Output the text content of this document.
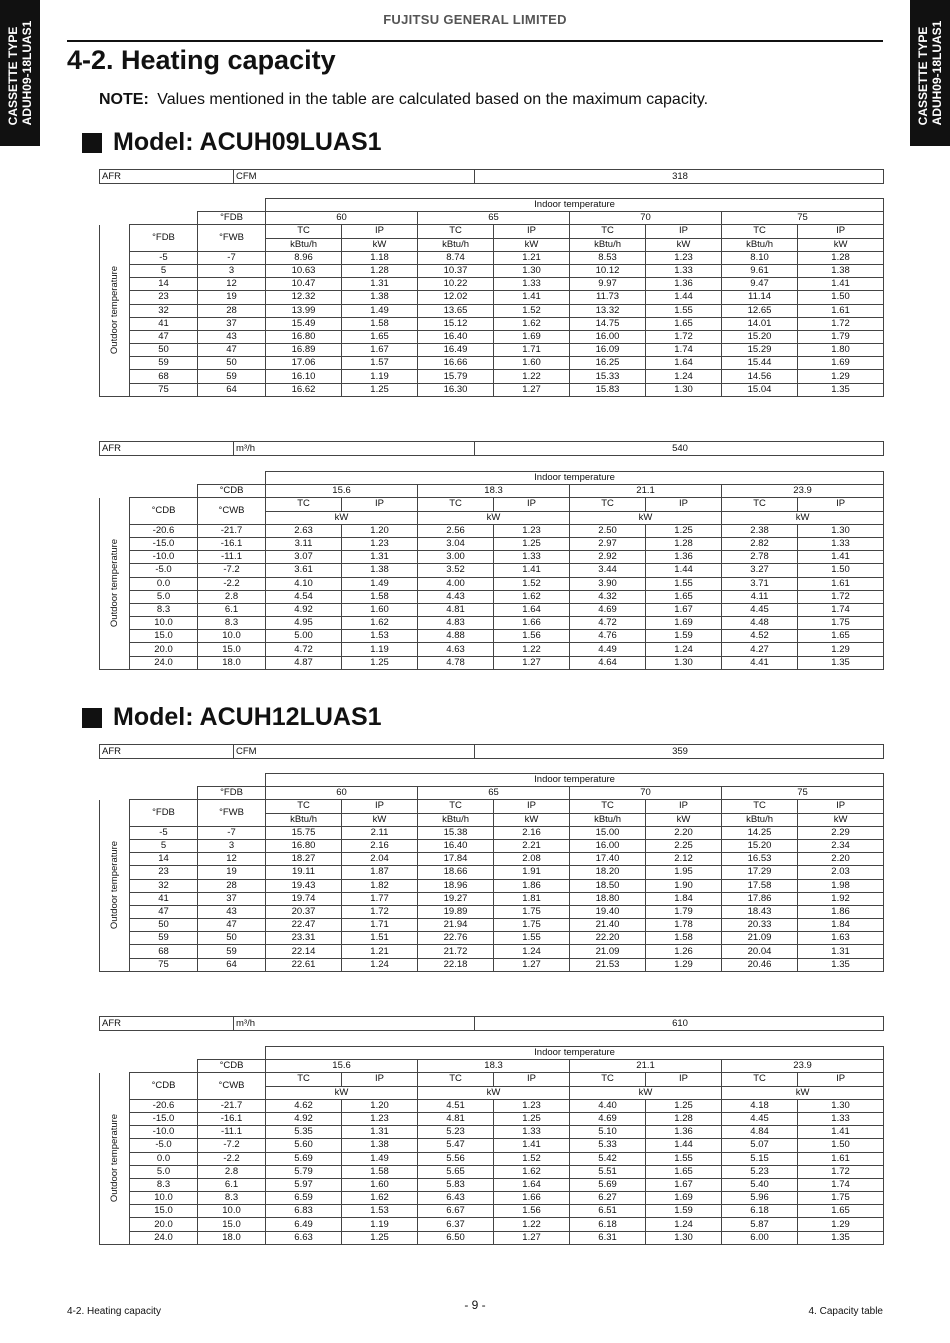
CASSETTE TYPE ADUH09-18LUAS1	CASSETTE TYPE ADUH09-18LUAS1
FUJITSU GENERAL LIMITED
4-2. Heating capacity
NOTE: Values mentioned in the table are calculated based on the maximum capacity.
Model: ACUH09LUAS1
AFR	CFM	318
			Indoor temperature							
		°FDB	60		65		70		75	

Outdoor temperature	°FDB	°FWB	TC	IP	TC	IP	TC	IP	TC	IP
			kBtu/h	kW	kBtu/h	kW	kBtu/h	kW	kBtu/h	kW
	-5	-7	8.96	1.18	8.74	1.21	8.53	1.23	8.10	1.28
	5	3	10.63	1.28	10.37	1.30	10.12	1.33	9.61	1.38
	14	12	10.47	1.31	10.22	1.33	9.97	1.36	9.47	1.41
	23	19	12.32	1.38	12.02	1.41	11.73	1.44	11.14	1.50
	32	28	13.99	1.49	13.65	1.52	13.32	1.55	12.65	1.61
	41	37	15.49	1.58	15.12	1.62	14.75	1.65	14.01	1.72
	47	43	16.80	1.65	16.40	1.69	16.00	1.72	15.20	1.79
	50	47	16.89	1.67	16.49	1.71	16.09	1.74	15.29	1.80
	59	50	17.06	1.57	16.66	1.60	16.25	1.64	15.44	1.69
	68	59	16.10	1.19	15.79	1.22	15.33	1.24	14.56	1.29
	75	64	16.62	1.25	16.30	1.27	15.83	1.30	15.04	1.35
AFR	m³/h	540
			Indoor temperature							
		°CDB	15.6		18.3		21.1		23.9	

Outdoor temperature	°CDB	°CWB	TC	IP	TC	IP	TC	IP	TC	IP
			kW		kW		kW		kW	
	-20.6	-21.7	2.63	1.20	2.56	1.23	2.50	1.25	2.38	1.30
	-15.0	-16.1	3.11	1.23	3.04	1.25	2.97	1.28	2.82	1.33
	-10.0	-11.1	3.07	1.31	3.00	1.33	2.92	1.36	2.78	1.41
	-5.0	-7.2	3.61	1.38	3.52	1.41	3.44	1.44	3.27	1.50
	0.0	-2.2	4.10	1.49	4.00	1.52	3.90	1.55	3.71	1.61
	5.0	2.8	4.54	1.58	4.43	1.62	4.32	1.65	4.11	1.72
	8.3	6.1	4.92	1.60	4.81	1.64	4.69	1.67	4.45	1.74
	10.0	8.3	4.95	1.62	4.83	1.66	4.72	1.69	4.48	1.75
	15.0	10.0	5.00	1.53	4.88	1.56	4.76	1.59	4.52	1.65
	20.0	15.0	4.72	1.19	4.63	1.22	4.49	1.24	4.27	1.29
	24.0	18.0	4.87	1.25	4.78	1.27	4.64	1.30	4.41	1.35
Model: ACUH12LUAS1
AFR	CFM	359
			Indoor temperature							
		°FDB	60		65		70		75	

Outdoor temperature	°FDB	°FWB	TC	IP	TC	IP	TC	IP	TC	IP
			kBtu/h	kW	kBtu/h	kW	kBtu/h	kW	kBtu/h	kW
	-5	-7	15.75	2.11	15.38	2.16	15.00	2.20	14.25	2.29
	5	3	16.80	2.16	16.40	2.21	16.00	2.25	15.20	2.34
	14	12	18.27	2.04	17.84	2.08	17.40	2.12	16.53	2.20
	23	19	19.11	1.87	18.66	1.91	18.20	1.95	17.29	2.03
	32	28	19.43	1.82	18.96	1.86	18.50	1.90	17.58	1.98
	41	37	19.74	1.77	19.27	1.81	18.80	1.84	17.86	1.92
	47	43	20.37	1.72	19.89	1.75	19.40	1.79	18.43	1.86
	50	47	22.47	1.71	21.94	1.75	21.40	1.78	20.33	1.84
	59	50	23.31	1.51	22.76	1.55	22.20	1.58	21.09	1.63
	68	59	22.14	1.21	21.72	1.24	21.09	1.26	20.04	1.31
	75	64	22.61	1.24	22.18	1.27	21.53	1.29	20.46	1.35
AFR	m³/h	610
			Indoor temperature							
		°CDB	15.6		18.3		21.1		23.9	

Outdoor temperature	°CDB	°CWB	TC	IP	TC	IP	TC	IP	TC	IP
			kW		kW		kW		kW	
	-20.6	-21.7	4.62	1.20	4.51	1.23	4.40	1.25	4.18	1.30
	-15.0	-16.1	4.92	1.23	4.81	1.25	4.69	1.28	4.45	1.33
	-10.0	-11.1	5.35	1.31	5.23	1.33	5.10	1.36	4.84	1.41
	-5.0	-7.2	5.60	1.38	5.47	1.41	5.33	1.44	5.07	1.50
	0.0	-2.2	5.69	1.49	5.56	1.52	5.42	1.55	5.15	1.61
	5.0	2.8	5.79	1.58	5.65	1.62	5.51	1.65	5.23	1.72
	8.3	6.1	5.97	1.60	5.83	1.64	5.69	1.67	5.40	1.74
	10.0	8.3	6.59	1.62	6.43	1.66	6.27	1.69	5.96	1.75
	15.0	10.0	6.83	1.53	6.67	1.56	6.51	1.59	6.18	1.65
	20.0	15.0	6.49	1.19	6.37	1.22	6.18	1.24	5.87	1.29
	24.0	18.0	6.63	1.25	6.50	1.27	6.31	1.30	6.00	1.35
4-2. Heating capacity	- 9 -	4. Capacity table
